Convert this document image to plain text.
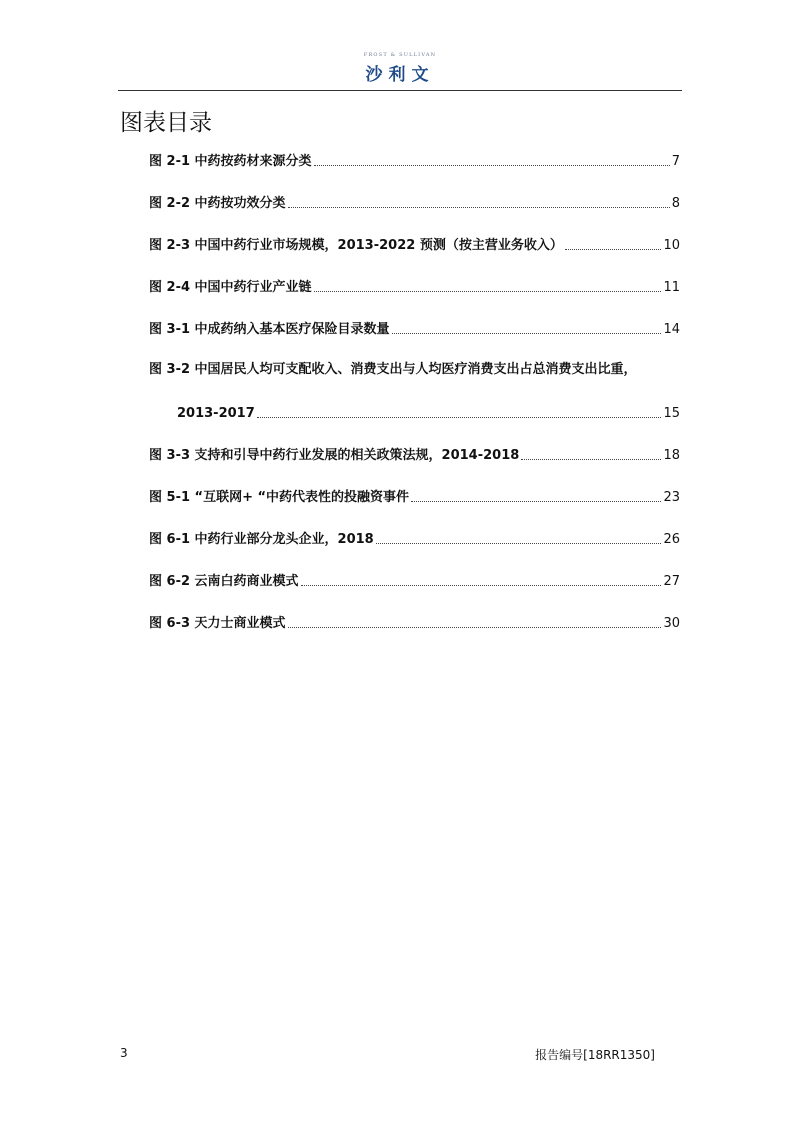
FROST & SULLIVAN
沙利文
图表目录
图 2-1 中药按药材来源分类	7
图 2-2 中药按功效分类	8
图 2-3 中国中药行业市场规模，2013-2022 预测（按主营业务收入）	10
图 2-4 中国中药行业产业链	11
图 3-1 中成药纳入基本医疗保险目录数量	14
图 3-2 中国居民人均可支配收入、消费支出与人均医疗消费支出占总消费支出比重，
2013-2017	15
图 3-3 支持和引导中药行业发展的相关政策法规，2014-2018	18
图 5-1 “互联网+ “中药代表性的投融资事件	23
图 6-1 中药行业部分龙头企业，2018	26
图 6-2 云南白药商业模式	27
图 6-3 天力士商业模式	30
3	报告编号[18RR1350]
